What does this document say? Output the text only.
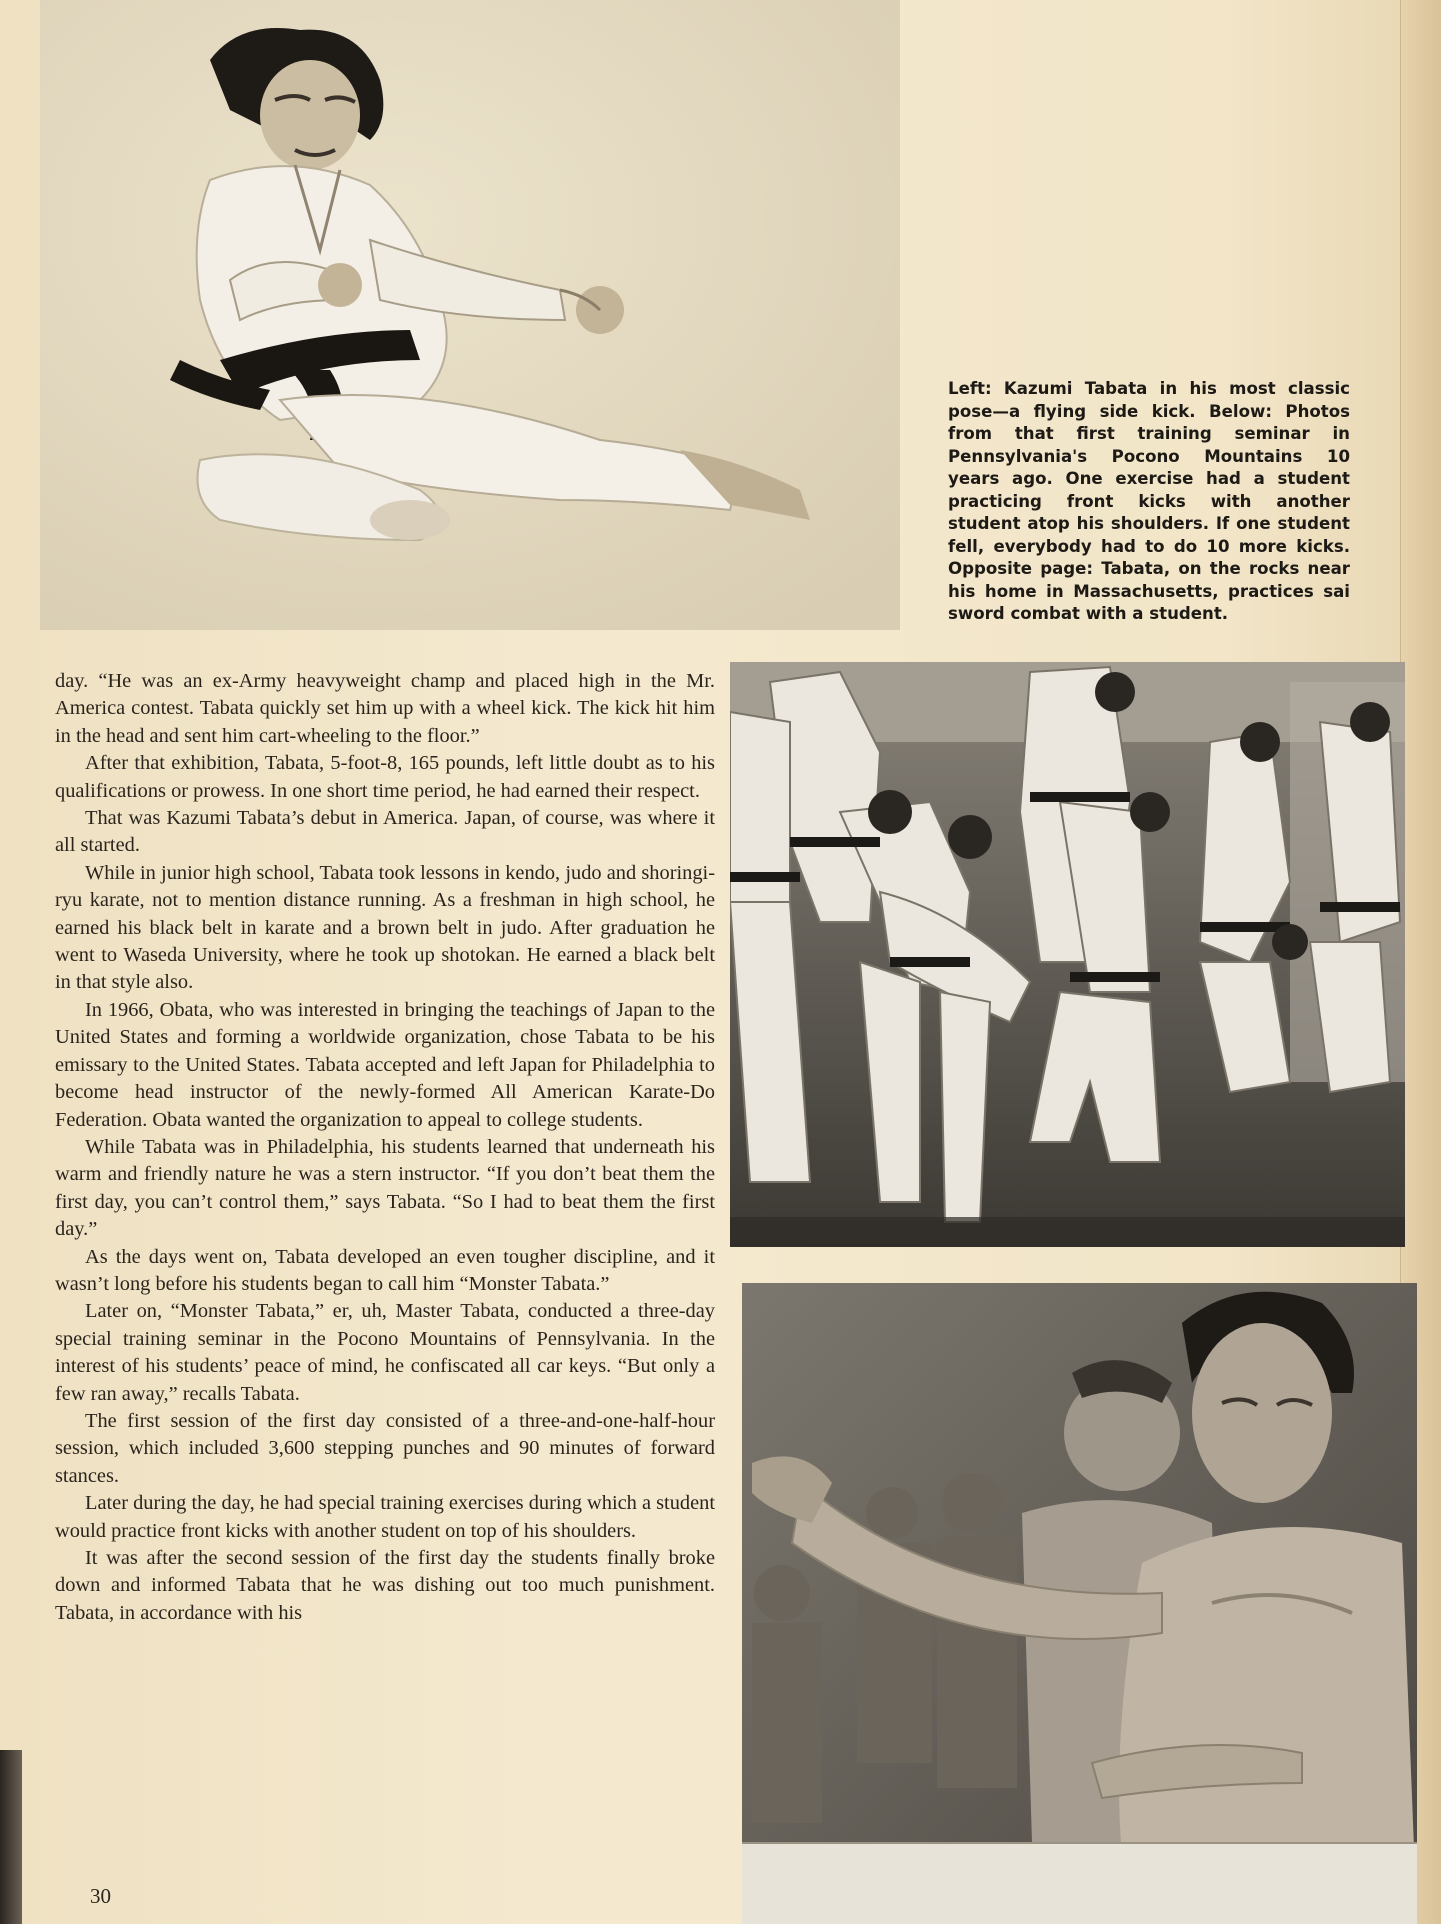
Left: Kazumi Tabata in his most classic pose—a flying side kick. Below: Photos from that first training seminar in Pennsylvania's Pocono Mountains 10 years ago. One exercise had a student practicing front kicks with another student atop his shoulders. If one student fell, everybody had to do 10 more kicks. Opposite page: Tabata, on the rocks near his home in Massachusetts, practices sai sword combat with a student.

day. “He was an ex-Army heavyweight champ and placed high in the Mr. America contest. Tabata quickly set him up with a wheel kick. The kick hit him in the head and sent him cart-wheeling to the floor.”

After that exhibition, Tabata, 5-foot-8, 165 pounds, left little doubt as to his qualifications or prowess. In one short time period, he had earned their respect.

That was Kazumi Tabata’s debut in America. Japan, of course, was where it all started.

While in junior high school, Tabata took lessons in kendo, judo and shoringi-ryu karate, not to mention distance running. As a freshman in high school, he earned his black belt in karate and a brown belt in judo. After graduation he went to Waseda University, where he took up shotokan. He earned a black belt in that style also.

In 1966, Obata, who was interested in bringing the teachings of Japan to the United States and forming a worldwide organization, chose Tabata to be his emissary to the United States. Tabata accepted and left Japan for Philadelphia to become head instructor of the newly-formed All American Karate-Do Federation. Obata wanted the organization to appeal to college students.

While Tabata was in Philadelphia, his students learned that underneath his warm and friendly nature he was a stern instructor. “If you don’t beat them the first day, you can’t control them,” says Tabata. “So I had to beat them the first day.”

As the days went on, Tabata developed an even tougher discipline, and it wasn’t long before his students began to call him “Monster Tabata.”

Later on, “Monster Tabata,” er, uh, Master Tabata, conducted a three-day special training seminar in the Pocono Mountains of Pennsylvania. In the interest of his students’ peace of mind, he confiscated all car keys. “But only a few ran away,” recalls Tabata.

The first session of the first day consisted of a three-and-one-half-hour session, which included 3,600 stepping punches and 90 minutes of forward stances.

Later during the day, he had special training exercises during which a student would practice front kicks with another student on top of his shoulders.

It was after the second session of the first day the students finally broke down and informed Tabata that he was dishing out too much punishment. Tabata, in accordance with his

30
